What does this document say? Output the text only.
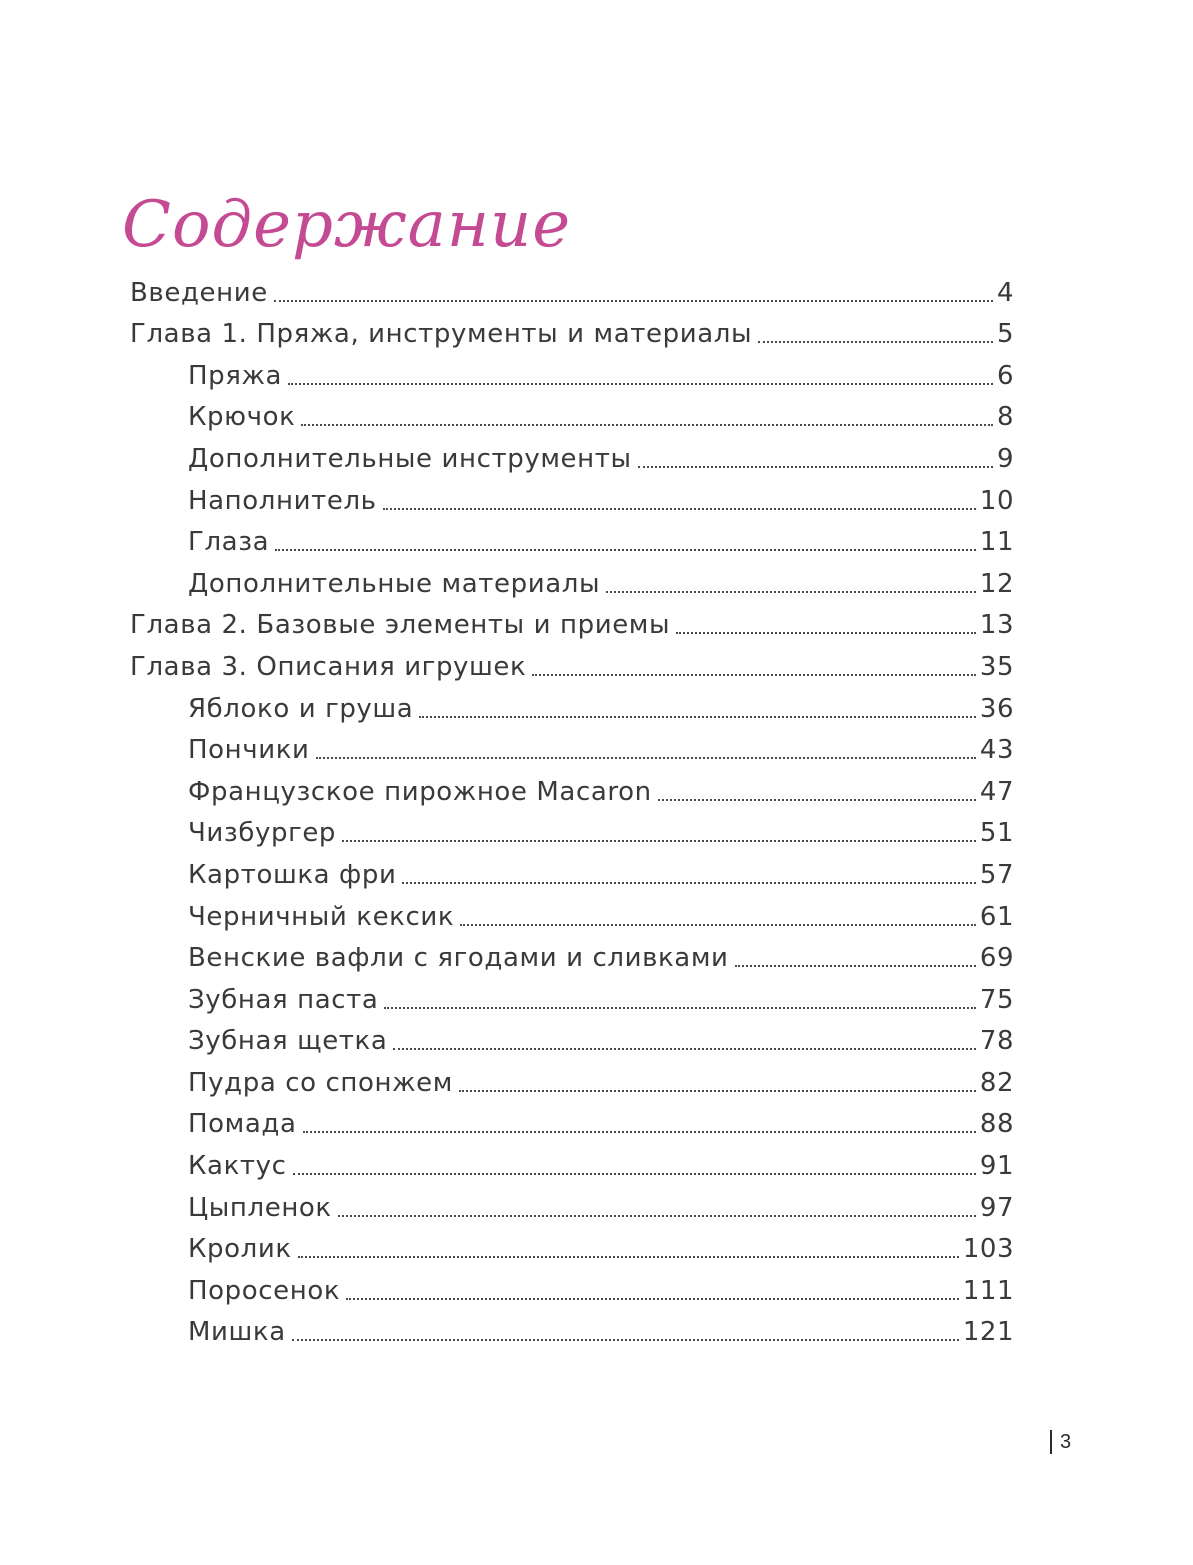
Содержание
Введение	4
Глава 1. Пряжа, инструменты и материалы	5
Пряжа	6
Крючок	8
Дополнительные инструменты	9
Наполнитель	10
Глаза	11
Дополнительные материалы	12
Глава 2. Базовые элементы и приемы	13
Глава 3. Описания игрушек	35
Яблоко и груша	36
Пончики	43
Французское пирожное Macaron	47
Чизбургер	51
Картошка фри	57
Черничный кексик	61
Венские вафли с ягодами и сливками	69
Зубная паста	75
Зубная щетка	78
Пудра со спонжем	82
Помада	88
Кактус	91
Цыпленок	97
Кролик	103
Поросенок	111
Мишка	121
3
